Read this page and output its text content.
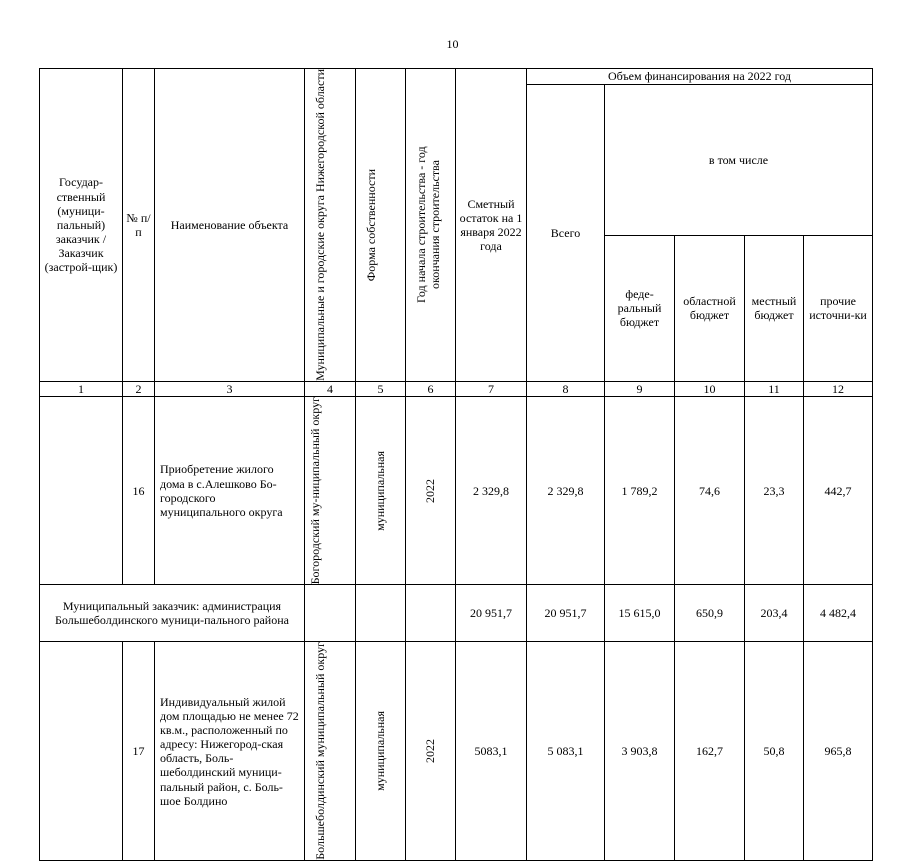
10
Государ-ственный (муници-пальный) заказчик / Заказчик (застрой-щик)	№ п/п	Наименование объекта	Муниципальные и городские округа Нижегородской области	Форма собственности	Год начала строительства - год окончания строительства	Сметный остаток на 1 января 2022 года	Объем финансирования на 2022 год				
							Всего	в том числе			
								феде-ральный бюджет	областной бюджет	местный бюджет	прочие источни-ки
1	2	3	4	5	6	7	8	9	10	11	12
	16	Приобретение жилого дома в с.Алешково Бо-городского муниципального округа	Богородский му-ниципальный округ	муниципальная	2022	2 329,8	2 329,8	1 789,2	74,6	23,3	442,7
Муниципальный заказчик: администрация Большеболдинского муници-пального района						20 951,7	20 951,7	15 615,0	650,9	203,4	4 482,4
	17	Индивидуальный жилой дом площадью не менее 72 кв.м., расположенный по адресу: Нижегород-ская область, Боль-шеболдинский муници-пальный район, с. Боль-шое Болдино	Большеболдинский муниципальный округ	муниципальная	2022	5083,1	5 083,1	3 903,8	162,7	50,8	965,8
